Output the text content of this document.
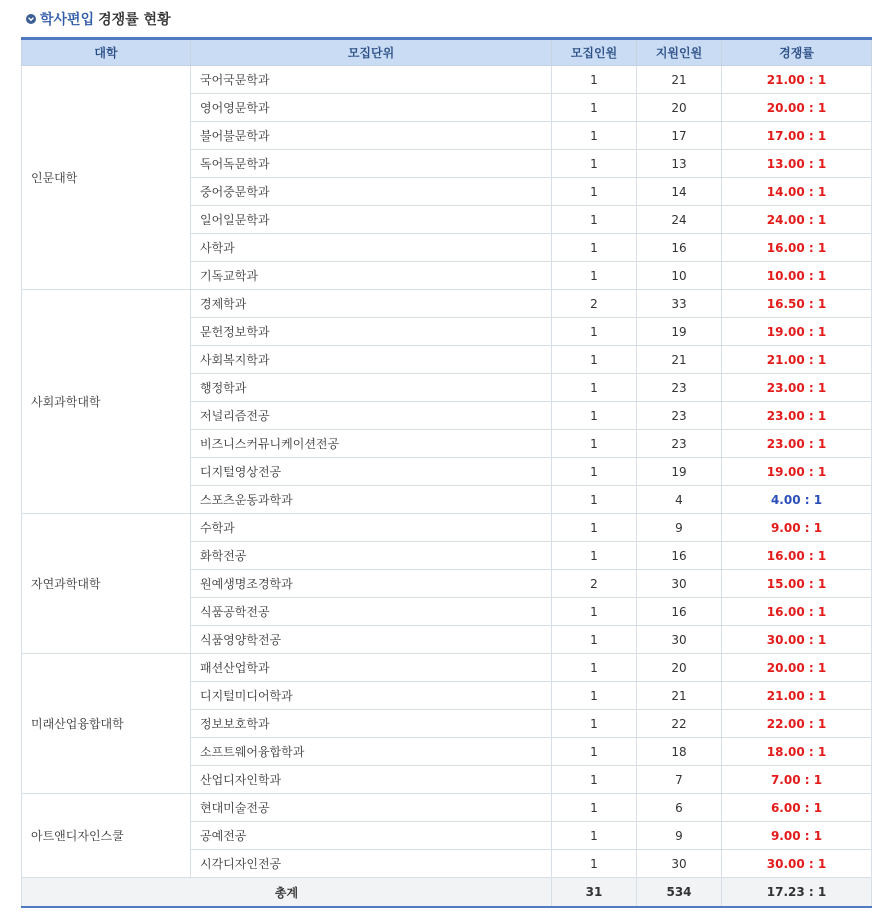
학사편입 경쟁률 현황
대학	모집단위	모집인원	지원인원	경쟁률
인문대학	국어국문학과	1	21	21.00 : 1
	영어영문학과	1	20	20.00 : 1
	불어불문학과	1	17	17.00 : 1
	독어독문학과	1	13	13.00 : 1
	중어중문학과	1	14	14.00 : 1
	일어일문학과	1	24	24.00 : 1
	사학과	1	16	16.00 : 1
	기독교학과	1	10	10.00 : 1
사회과학대학	경제학과	2	33	16.50 : 1
	문헌정보학과	1	19	19.00 : 1
	사회복지학과	1	21	21.00 : 1
	행정학과	1	23	23.00 : 1
	저널리즘전공	1	23	23.00 : 1
	비즈니스커뮤니케이션전공	1	23	23.00 : 1
	디지털영상전공	1	19	19.00 : 1
	스포츠운동과학과	1	4	4.00 : 1
자연과학대학	수학과	1	9	9.00 : 1
	화학전공	1	16	16.00 : 1
	원예생명조경학과	2	30	15.00 : 1
	식품공학전공	1	16	16.00 : 1
	식품영양학전공	1	30	30.00 : 1
미래산업융합대학	패션산업학과	1	20	20.00 : 1
	디지털미디어학과	1	21	21.00 : 1
	정보보호학과	1	22	22.00 : 1
	소프트웨어융합학과	1	18	18.00 : 1
	산업디자인학과	1	7	7.00 : 1
아트앤디자인스쿨	현대미술전공	1	6	6.00 : 1
	공예전공	1	9	9.00 : 1
	시각디자인전공	1	30	30.00 : 1
총계		31	534	17.23 : 1
